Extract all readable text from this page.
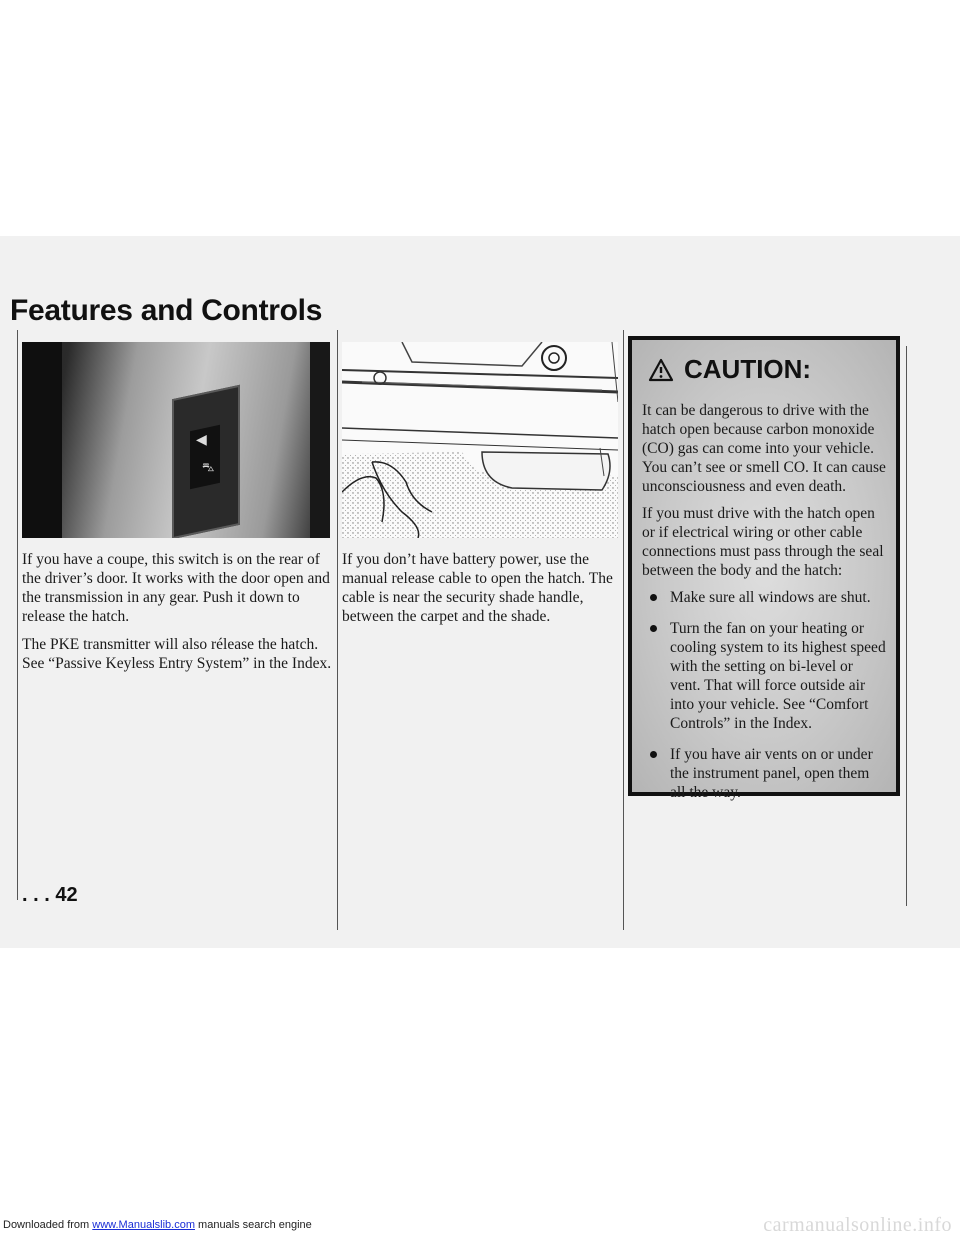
Features and Controls
◀
⛍

If you have a coupe, this switch is on the rear of the driver’s door. It works with the door open and the transmission in any gear. Push it down to release the hatch.

The PKE transmitter will also rélease the hatch. See “Passive Keyless Entry System” in the Index.

If you don’t have battery power, use the manual release cable to open the hatch. The cable is near the security shade handle, between the carpet and the shade.

CAUTION:

It can be dangerous to drive with the hatch open because carbon monoxide (CO) gas can come into your vehicle. You can’t see or smell CO. It can cause unconsciousness and even death.

If you must drive with the hatch open or if electrical wiring or other cable connections must pass through the seal between the body and the hatch:

Make sure all windows are shut.
Turn the fan on your heating or cooling system to its highest speed with the setting on bi-level or vent. That will force outside air into your vehicle. See “Comfort Controls” in the Index.
If you have air vents on or under the instrument panel, open them all the way.

. . . 42

Downloaded from www.Manualslib.com manuals search engine	carmanualsonline.info
